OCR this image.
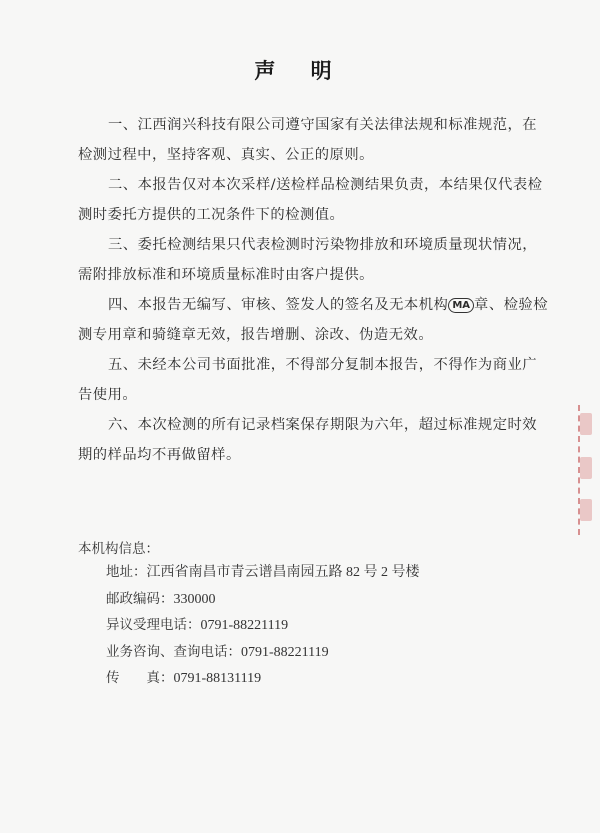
声 明
一、江西润兴科技有限公司遵守国家有关法律法规和标准规范，在检测过程中，坚持客观、真实、公正的原则。
二、本报告仅对本次采样/送检样品检测结果负责，本结果仅代表检测时委托方提供的工况条件下的检测值。
三、委托检测结果只代表检测时污染物排放和环境质量现状情况，需附排放标准和环境质量标准时由客户提供。
四、本报告无编写、审核、签发人的签名及无本机构 MA 章、检验检测专用章和骑缝章无效，报告增删、涂改、伪造无效。
五、未经本公司书面批准，不得部分复制本报告，不得作为商业广告使用。
六、本次检测的所有记录档案保存期限为六年，超过标准规定时效期的样品均不再做留样。
本机构信息：
地址：江西省南昌市青云谱昌南园五路 82 号 2 号楼
邮政编码：330000
异议受理电话：0791-88221119
业务咨询、查询电话：0791-88221119
传　　真：0791-88131119
